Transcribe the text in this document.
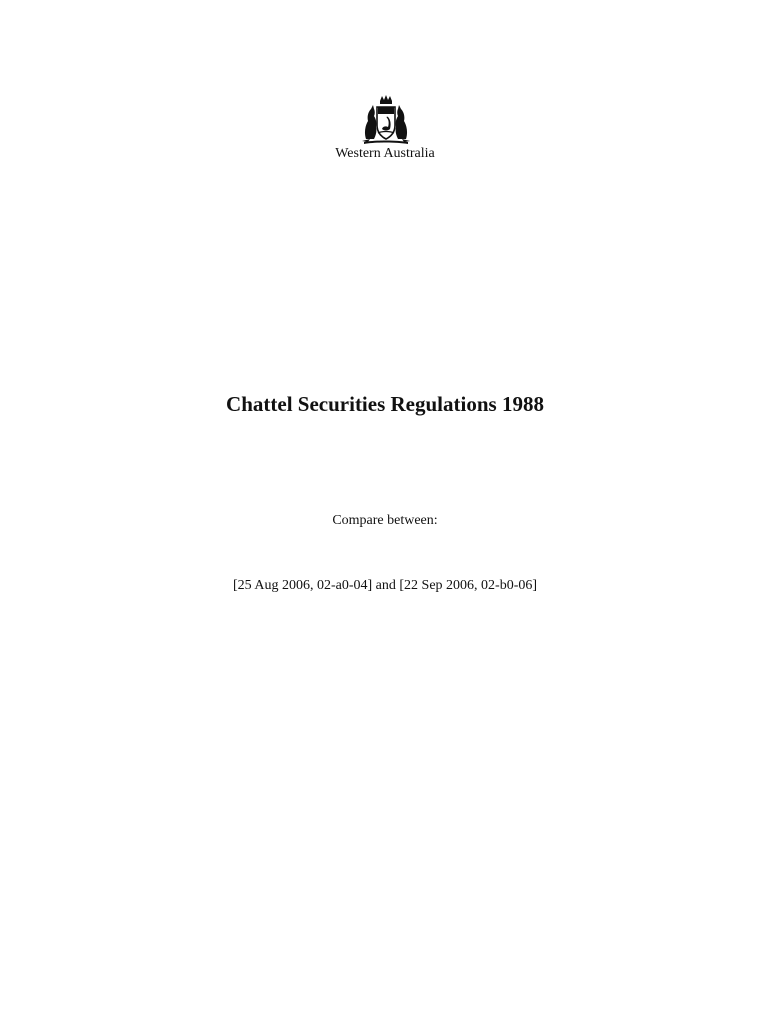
Western Australia
Chattel Securities Regulations 1988
Compare between:
[25 Aug 2006, 02-a0-04] and [22 Sep 2006, 02-b0-06]
